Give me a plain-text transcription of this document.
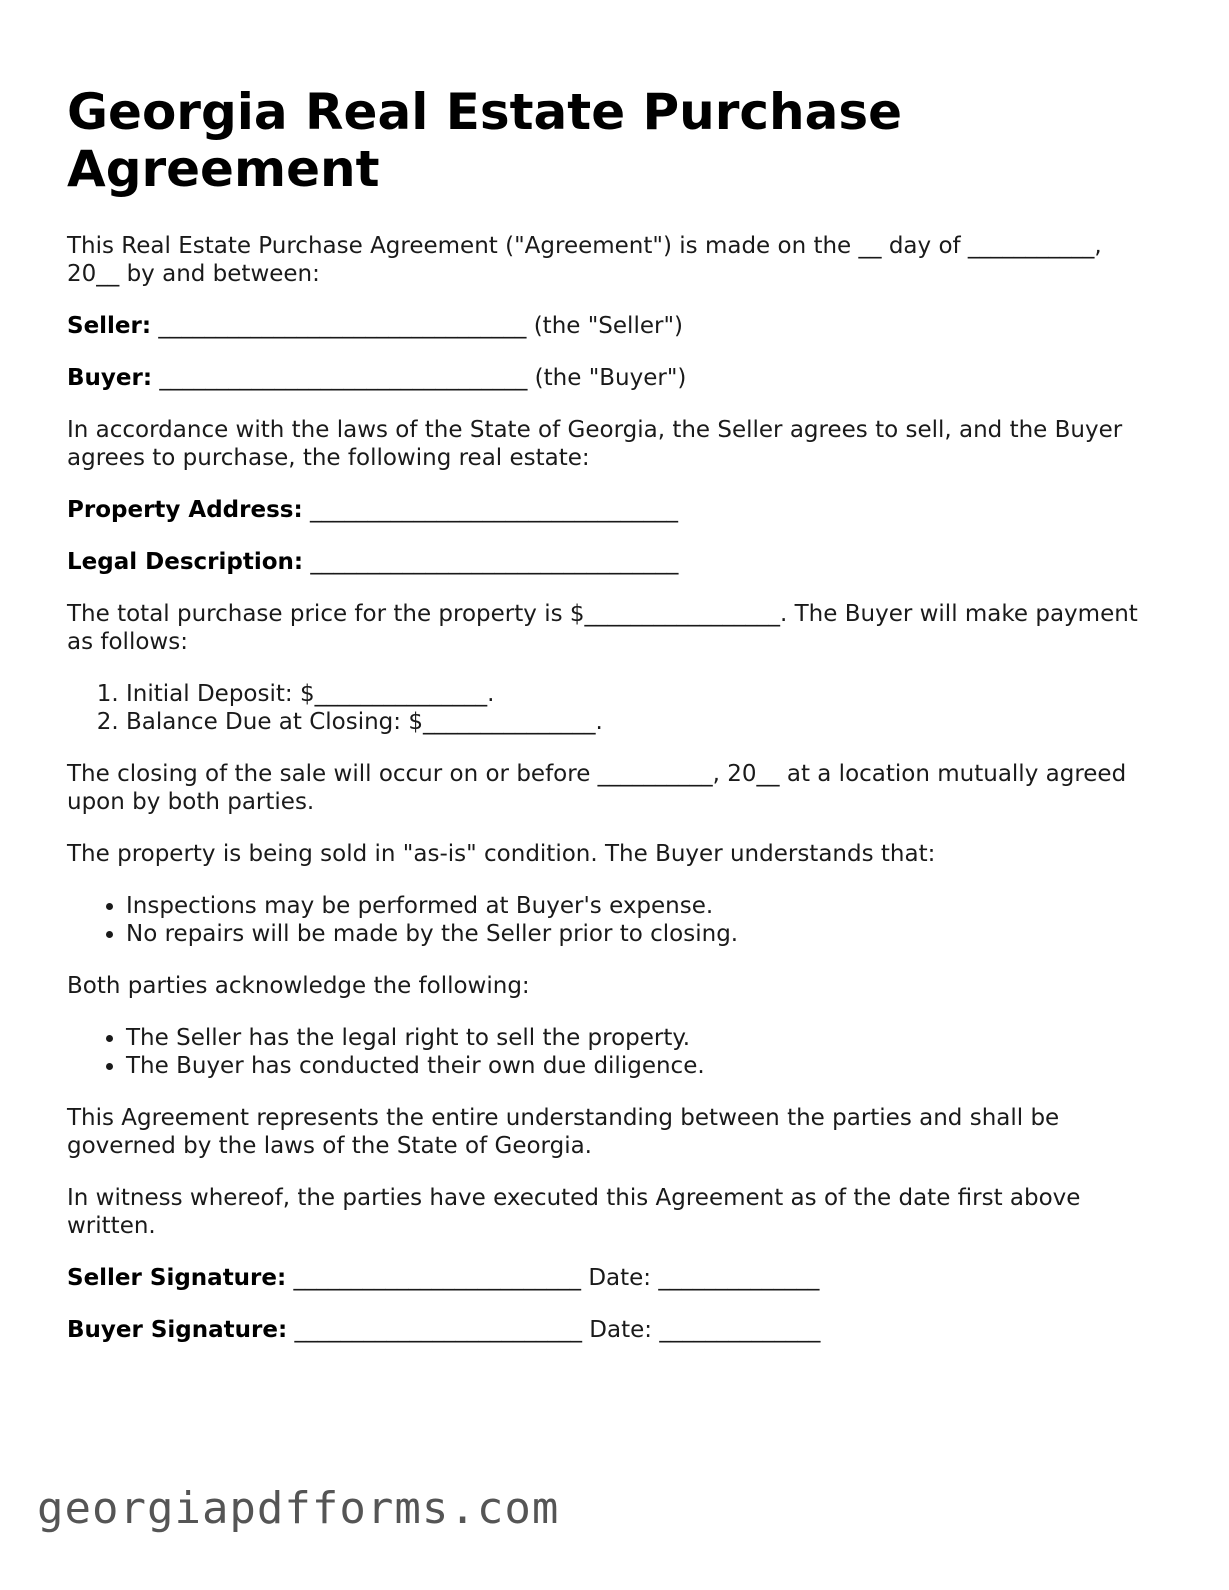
Georgia Real Estate Purchase Agreement

This Real Estate Purchase Agreement ("Agreement") is made on the __ day of ___________, 20__ by and between:

Seller: ________________________________ (the "Seller")

Buyer: ________________________________ (the "Buyer")

In accordance with the laws of the State of Georgia, the Seller agrees to sell, and the Buyer agrees to purchase, the following real estate:

Property Address: ________________________________

Legal Description: ________________________________

The total purchase price for the property is $_________________. The Buyer will make payment as follows:

1. Initial Deposit: $_______________.
2. Balance Due at Closing: $_______________.

The closing of the sale will occur on or before __________, 20__ at a location mutually agreed upon by both parties.

The property is being sold in "as-is" condition. The Buyer understands that:

• Inspections may be performed at Buyer's expense.
• No repairs will be made by the Seller prior to closing.

Both parties acknowledge the following:

• The Seller has the legal right to sell the property.
• The Buyer has conducted their own due diligence.

This Agreement represents the entire understanding between the parties and shall be governed by the laws of the State of Georgia.

In witness whereof, the parties have executed this Agreement as of the date first above written.

Seller Signature: _________________________ Date: ______________

Buyer Signature: _________________________ Date: ______________

georgiapdfforms.com
